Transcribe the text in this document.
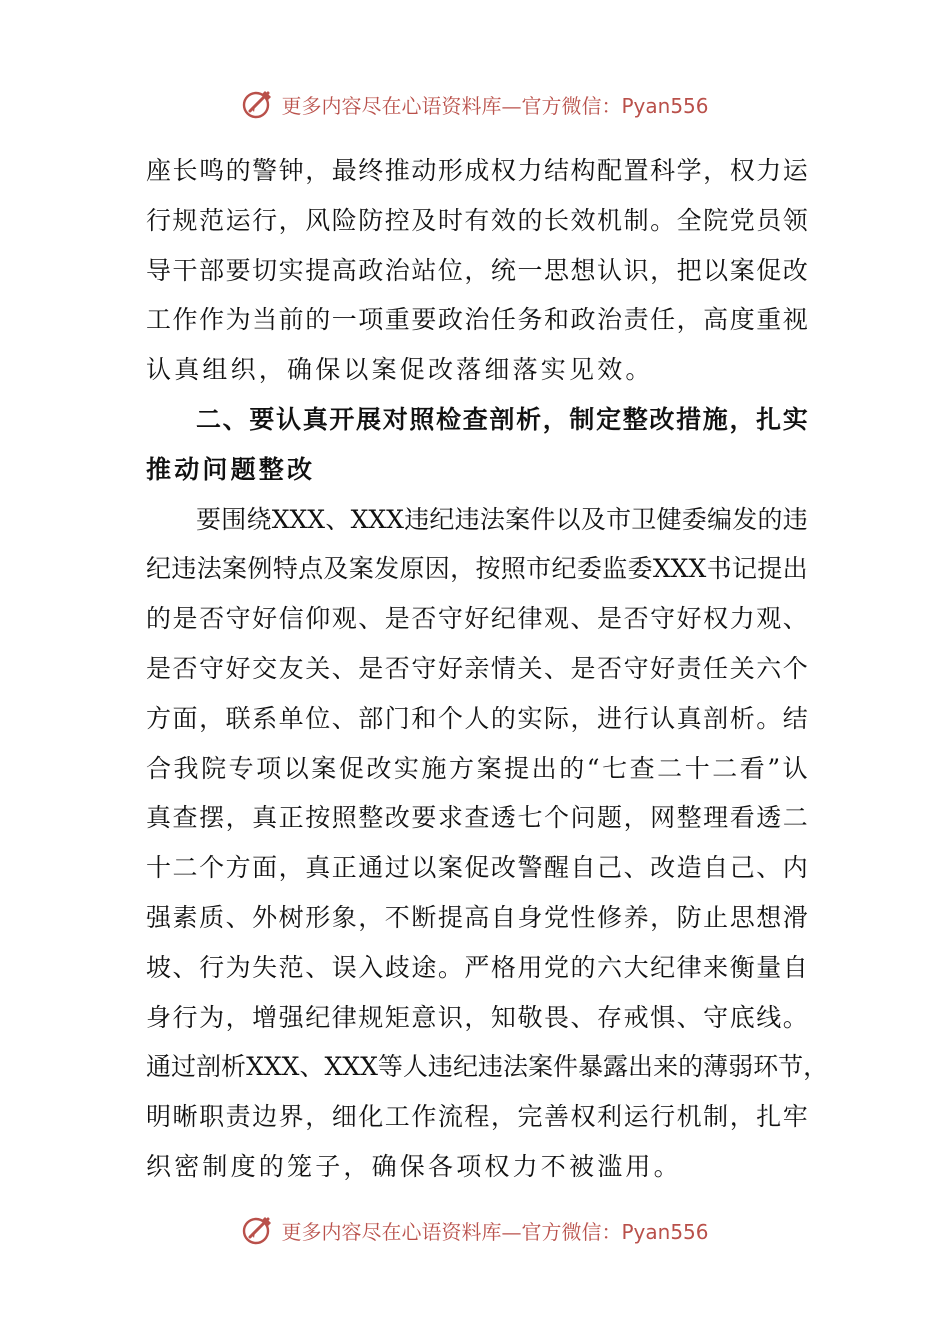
更多内容尽在心语资料库—官方微信：Pyan556
座 长 鸣 的 警 钟 ， 最 终 推 动 形 成 权 力 结 构 配 置 科 学 ， 权 力 运
行 规 范 运 行 ， 风 险 防 控 及 时 有 效 的 长 效 机 制 。 全 院 党 员 领
导 干 部 要 切 实 提 高 政 治 站 位 ， 统 一 思 想 认 识 ， 把 以 案 促 改
工 作 作 为 当 前 的 一 项 重 要 政 治 任 务 和 政 治 责 任 ， 高 度 重 视
认真组织，确保以案促改落细落实见效。
二 、 要 认 真 开 展 对 照 检 查 剖 析 ， 制 定 整 改 措 施 ， 扎 实
推动问题整改
要 围 绕 XXX 、 XXX 违 纪 违 法 案 件 以 及 市 卫 健 委 编 发 的 违
纪 违 法 案 例 特 点 及 案 发 原 因 ， 按 照 市 纪 委 监 委 XXX 书 记 提 出
的 是 否 守 好 信 仰 观 、 是 否 守 好 纪 律 观 、 是 否 守 好 权 力 观 、
是 否 守 好 交 友 关 、 是 否 守 好 亲 情 关 、 是 否 守 好 责 任 关 六 个
方 面 ， 联 系 单 位 、 部 门 和 个 人 的 实 际 ， 进 行 认 真 剖 析 。 结
合 我 院 专 项 以 案 促 改 实 施 方 案 提 出 的 “ 七 查 二 十 二 看 ” 认
真 查 摆 ， 真 正 按 照 整 改 要 求 查 透 七 个 问 题 ， 网 整 理 看 透 二
十 二 个 方 面 ， 真 正 通 过 以 案 促 改 警 醒 自 己 、 改 造 自 己 、 内
强 素 质 、 外 树 形 象 ， 不 断 提 高 自 身 党 性 修 养 ， 防 止 思 想 滑
坡 、 行 为 失 范 、 误 入 歧 途 。 严 格 用 党 的 六 大 纪 律 来 衡 量 自
身 行 为 ， 增 强 纪 律 规 矩 意 识 ， 知 敬 畏 、 存 戒 惧 、 守 底 线 。
通 过 剖 析 XXX 、 XXX 等 人 违 纪 违 法 案 件 暴 露 出 来 的 薄 弱 环 节 ，
明 晰 职 责 边 界 ， 细 化 工 作 流 程 ， 完 善 权 利 运 行 机 制 ， 扎 牢
织密制度的笼子，确保各项权力不被滥用。
更多内容尽在心语资料库—官方微信：Pyan556
